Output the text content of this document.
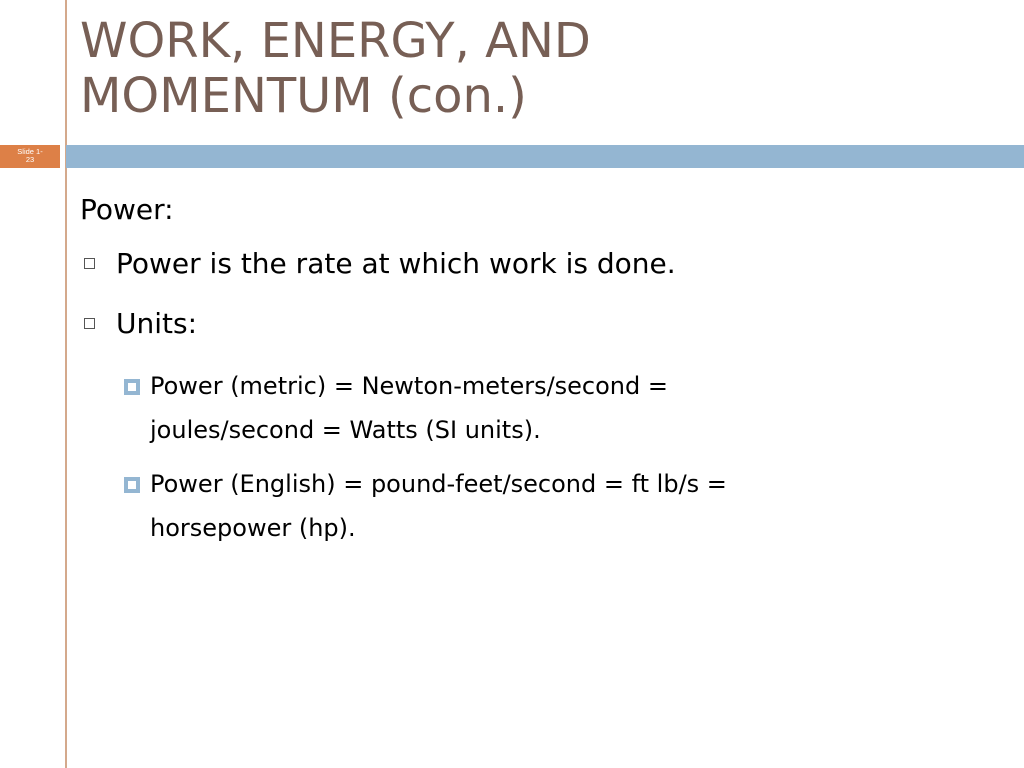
WORK, ENERGY, AND
MOMENTUM (con.)
Slide 1-
23
Power:
Power is the rate at which work is done.
Units:
Power (metric) = Newton-meters/second = joules/second = Watts (SI units).
Power (English) = pound-feet/second = ft lb/s = horsepower (hp).
